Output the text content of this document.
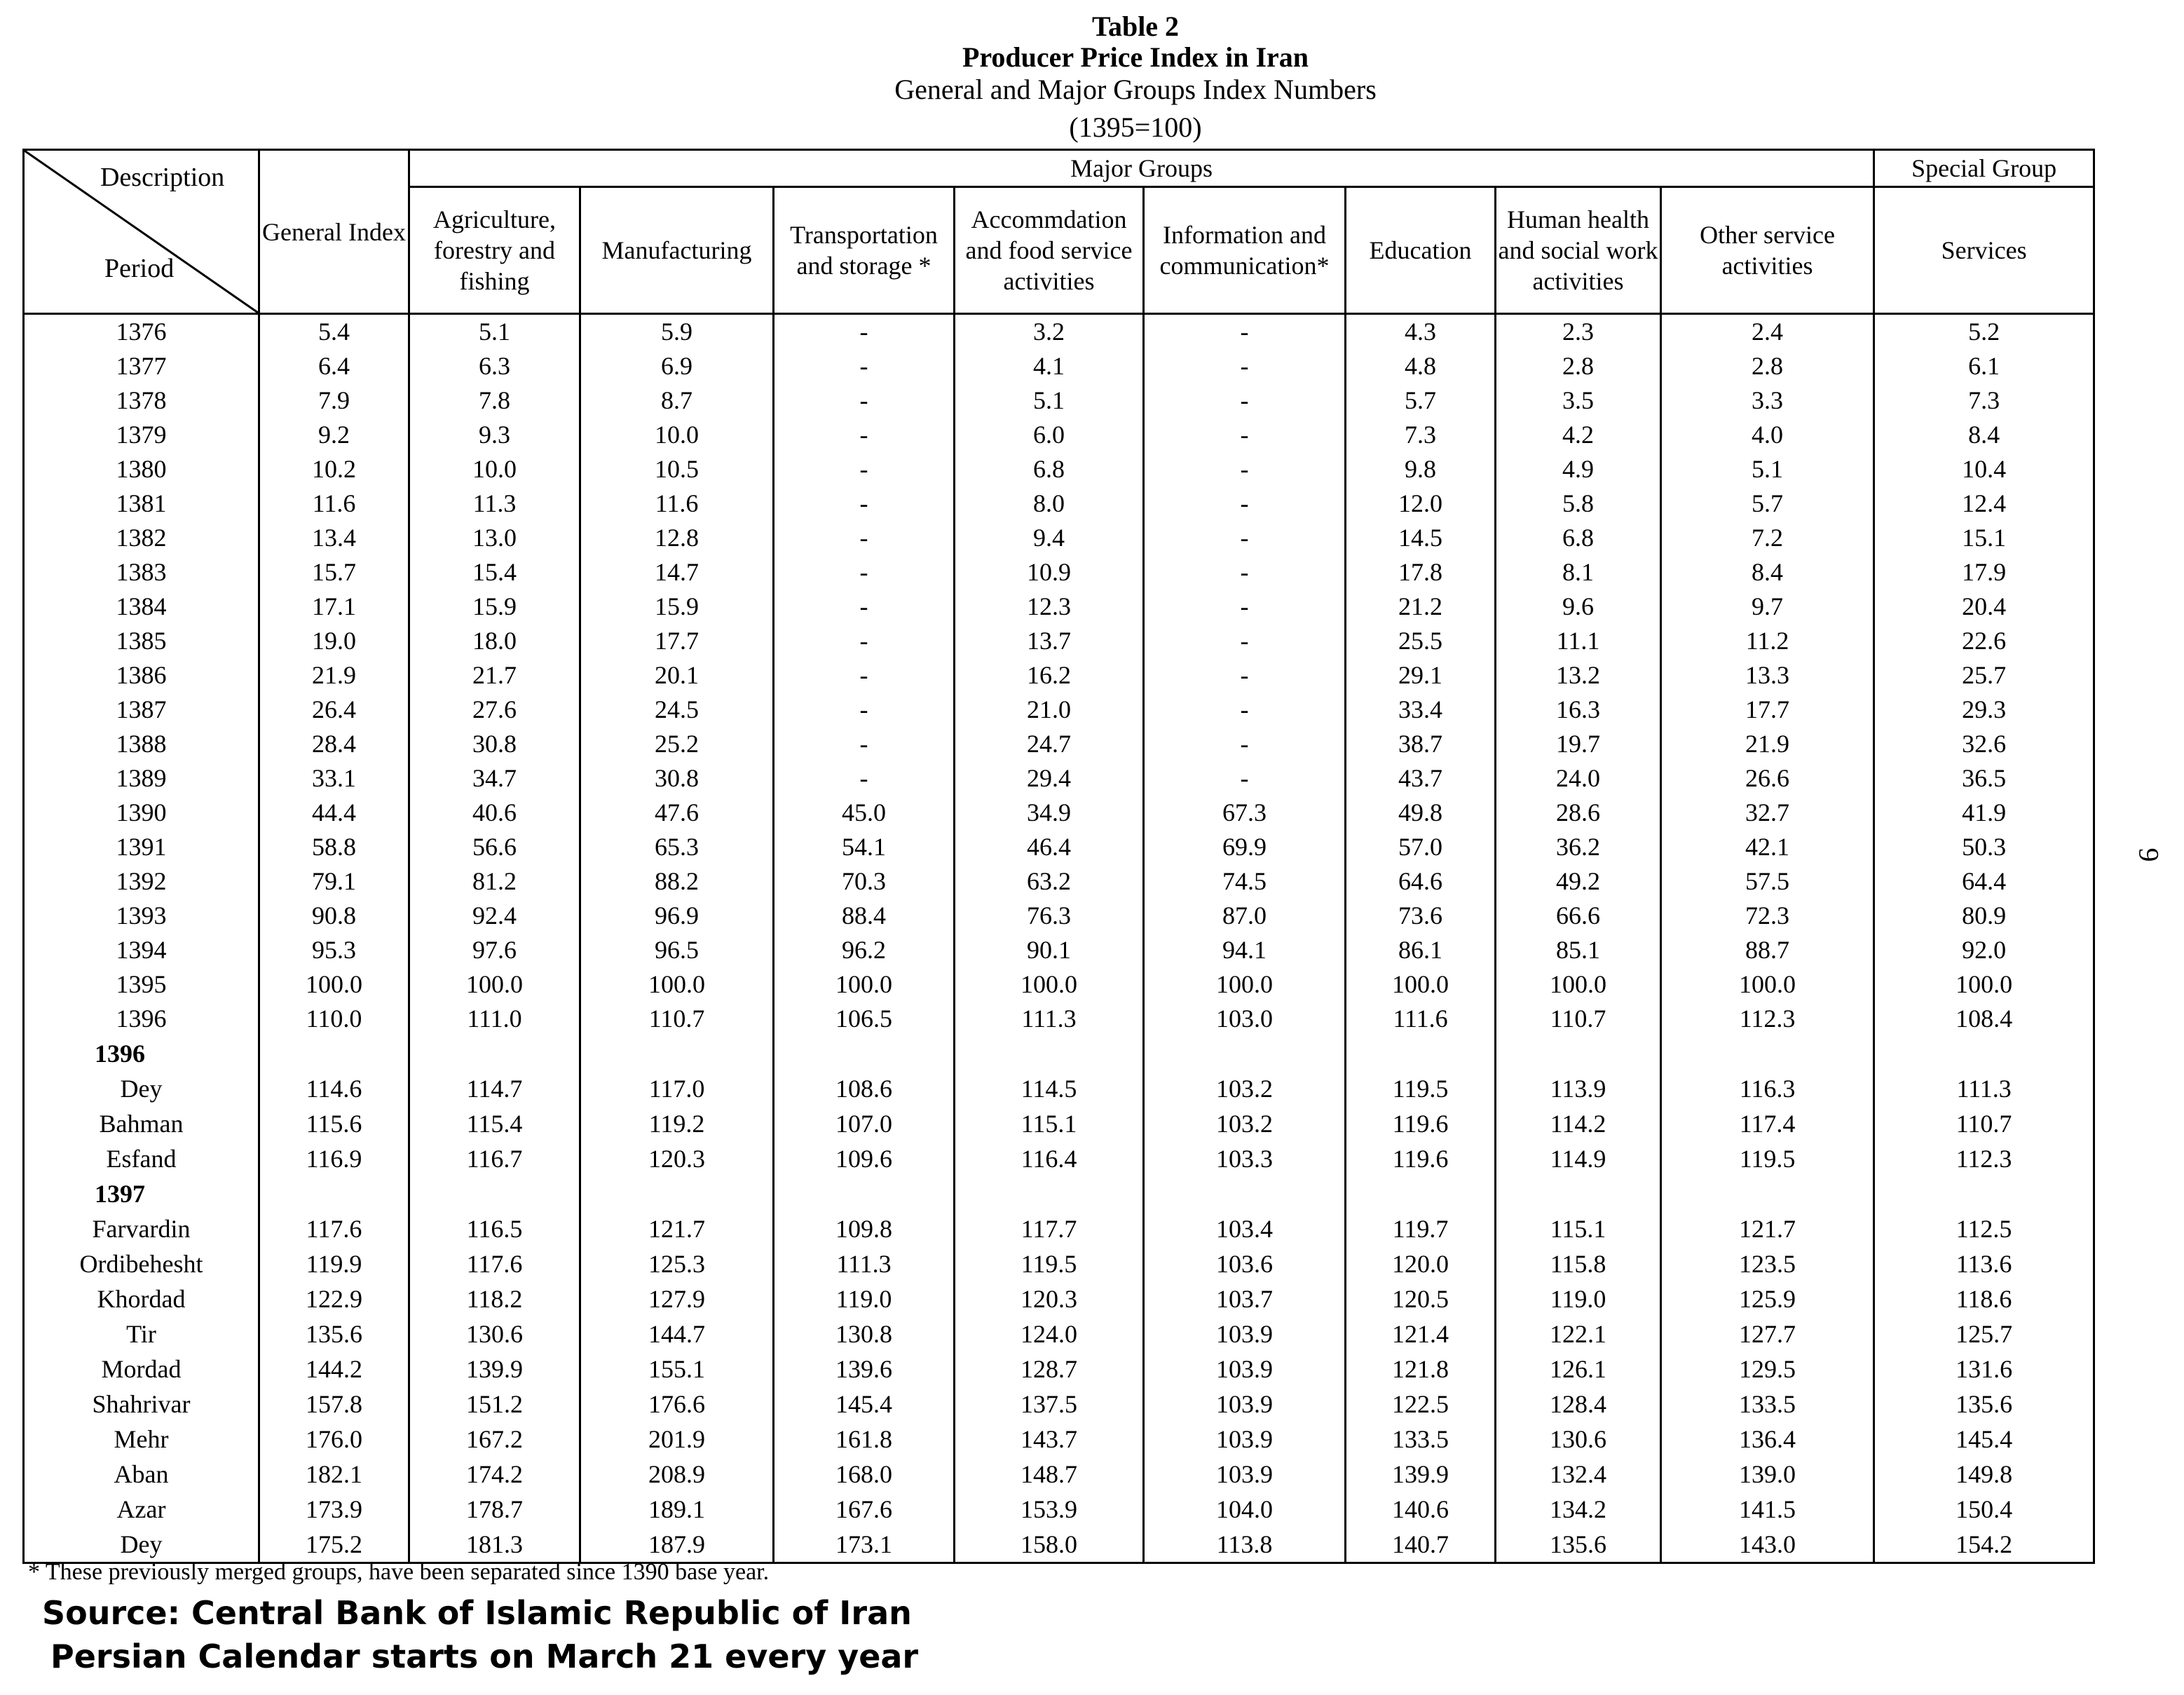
Table 2
Producer Price Index in Iran
General and Major Groups Index Numbers
(1395=100)
Description
Period	General Index	Major Groups								Special Group
		Agriculture, forestry and fishing	Manufacturing	Transportation and storage *	Accommdation and food service activities	Information and communication*	Education	Human health and social work activities	Other service activities	Services
1376	5.4	5.1	5.9	-	3.2	-	4.3	2.3	2.4	5.2
1377	6.4	6.3	6.9	-	4.1	-	4.8	2.8	2.8	6.1
1378	7.9	7.8	8.7	-	5.1	-	5.7	3.5	3.3	7.3
1379	9.2	9.3	10.0	-	6.0	-	7.3	4.2	4.0	8.4
1380	10.2	10.0	10.5	-	6.8	-	9.8	4.9	5.1	10.4
1381	11.6	11.3	11.6	-	8.0	-	12.0	5.8	5.7	12.4
1382	13.4	13.0	12.8	-	9.4	-	14.5	6.8	7.2	15.1
1383	15.7	15.4	14.7	-	10.9	-	17.8	8.1	8.4	17.9
1384	17.1	15.9	15.9	-	12.3	-	21.2	9.6	9.7	20.4
1385	19.0	18.0	17.7	-	13.7	-	25.5	11.1	11.2	22.6
1386	21.9	21.7	20.1	-	16.2	-	29.1	13.2	13.3	25.7
1387	26.4	27.6	24.5	-	21.0	-	33.4	16.3	17.7	29.3
1388	28.4	30.8	25.2	-	24.7	-	38.7	19.7	21.9	32.6
1389	33.1	34.7	30.8	-	29.4	-	43.7	24.0	26.6	36.5
1390	44.4	40.6	47.6	45.0	34.9	67.3	49.8	28.6	32.7	41.9
1391	58.8	56.6	65.3	54.1	46.4	69.9	57.0	36.2	42.1	50.3
1392	79.1	81.2	88.2	70.3	63.2	74.5	64.6	49.2	57.5	64.4
1393	90.8	92.4	96.9	88.4	76.3	87.0	73.6	66.6	72.3	80.9
1394	95.3	97.6	96.5	96.2	90.1	94.1	86.1	85.1	88.7	92.0
1395	100.0	100.0	100.0	100.0	100.0	100.0	100.0	100.0	100.0	100.0
1396	110.0	111.0	110.7	106.5	111.3	103.0	111.6	110.7	112.3	108.4
1396										
Dey	114.6	114.7	117.0	108.6	114.5	103.2	119.5	113.9	116.3	111.3
Bahman	115.6	115.4	119.2	107.0	115.1	103.2	119.6	114.2	117.4	110.7
Esfand	116.9	116.7	120.3	109.6	116.4	103.3	119.6	114.9	119.5	112.3
1397										
Farvardin	117.6	116.5	121.7	109.8	117.7	103.4	119.7	115.1	121.7	112.5
Ordibehesht	119.9	117.6	125.3	111.3	119.5	103.6	120.0	115.8	123.5	113.6
Khordad	122.9	118.2	127.9	119.0	120.3	103.7	120.5	119.0	125.9	118.6
Tir	135.6	130.6	144.7	130.8	124.0	103.9	121.4	122.1	127.7	125.7
Mordad	144.2	139.9	155.1	139.6	128.7	103.9	121.8	126.1	129.5	131.6
Shahrivar	157.8	151.2	176.6	145.4	137.5	103.9	122.5	128.4	133.5	135.6
Mehr	176.0	167.2	201.9	161.8	143.7	103.9	133.5	130.6	136.4	145.4
Aban	182.1	174.2	208.9	168.0	148.7	103.9	139.9	132.4	139.0	149.8
Azar	173.9	178.7	189.1	167.6	153.9	104.0	140.6	134.2	141.5	150.4
Dey	175.2	181.3	187.9	173.1	158.0	113.8	140.7	135.6	143.0	154.2
9
* These previously merged groups, have been separated since 1390 base year.
Source: Central Bank of Islamic Republic of Iran
Persian Calendar starts on March 21 every year
